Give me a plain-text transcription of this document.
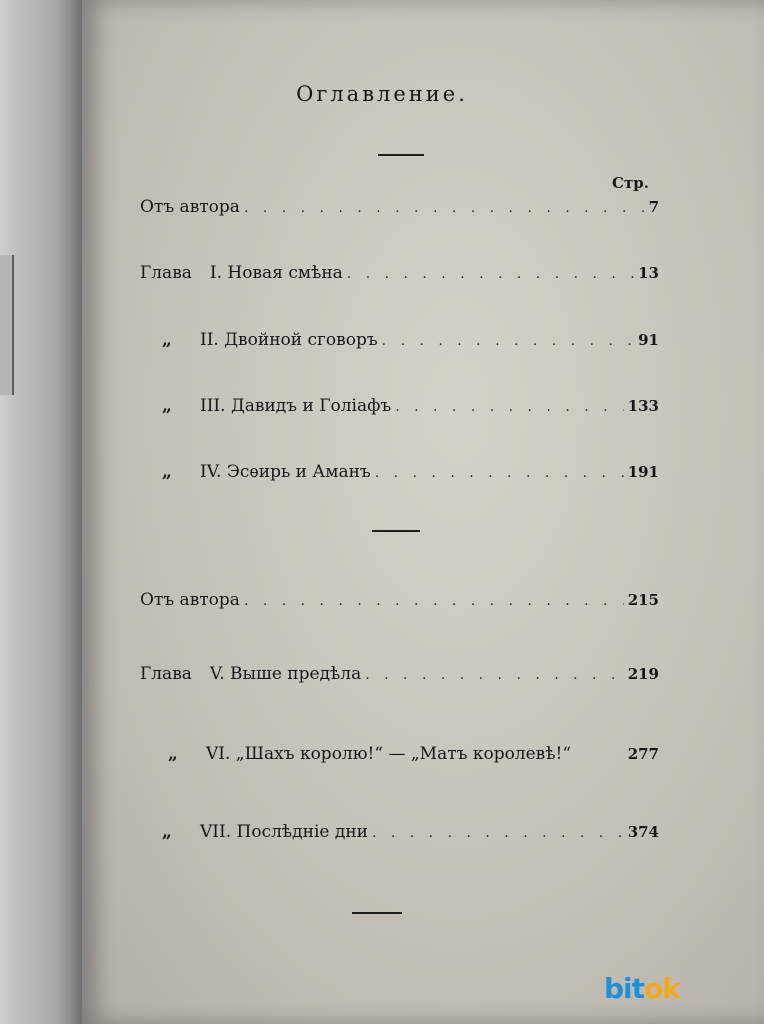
Оглавление.
Стр.
Отъ автора . . .	7
Глава I. Новая смѣна . . .	13
„ II. Двойной сговоръ . . .	91
„ III. Давидъ и Голіафъ . . .	133
„ IV. Эсѳирь и Аманъ . . .	191
Отъ автора . . .	215
Глава V. Выше предѣла . . .	219
„ VI. „Шахъ королю!“ — „Матъ королевѣ!“	277
„ VII. Послѣдніе дни . . .	374
bitok
